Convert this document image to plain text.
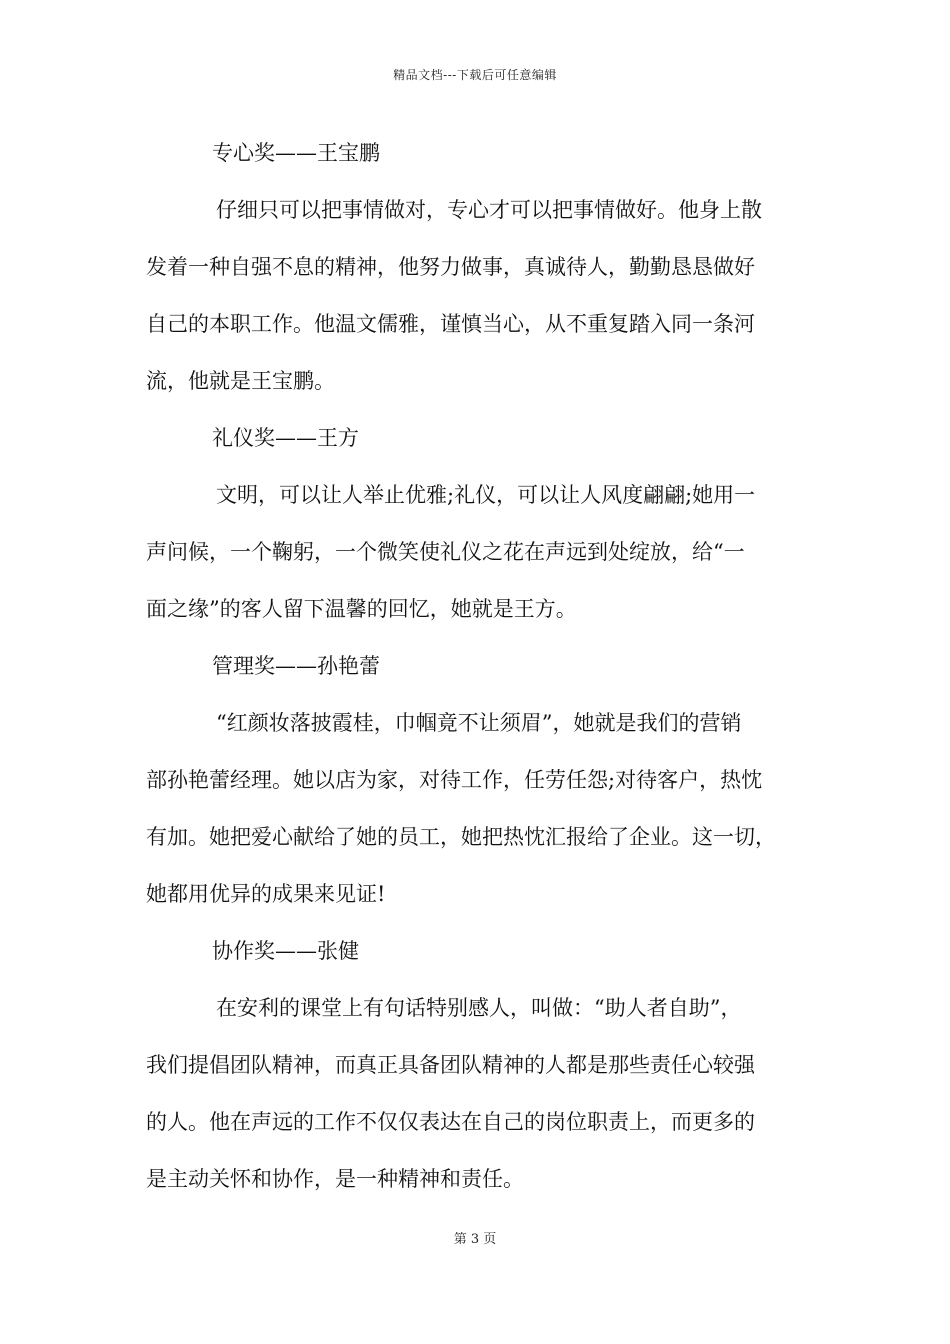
精品文档---下载后可任意编辑
专心奖——王宝鹏
仔细只可以把事情做对，专心才可以把事情做好。他身上散
发着一种自强不息的精神，他努力做事，真诚待人，勤勤恳恳做好
自己的本职工作。他温文儒雅，谨慎当心，从不重复踏入同一条河
流，他就是王宝鹏。
礼仪奖——王方
文明，可以让人举止优雅;礼仪，可以让人风度翩翩;她用一
声问候，一个鞠躬，一个微笑使礼仪之花在声远到处绽放，给“一
面之缘”的客人留下温馨的回忆，她就是王方。
管理奖——孙艳蕾
“红颜妆落披霞桂，巾帼竟不让须眉”，她就是我们的营销
部孙艳蕾经理。她以店为家，对待工作，任劳任怨;对待客户，热忱
有加。她把爱心献给了她的员工，她把热忱汇报给了企业。这一切，
她都用优异的成果来见证!
协作奖——张健
在安利的课堂上有句话特别感人，叫做：“助人者自助”，
我们提倡团队精神，而真正具备团队精神的人都是那些责任心较强
的人。他在声远的工作不仅仅表达在自己的岗位职责上，而更多的
是主动关怀和协作，是一种精神和责任。
第 3 页
